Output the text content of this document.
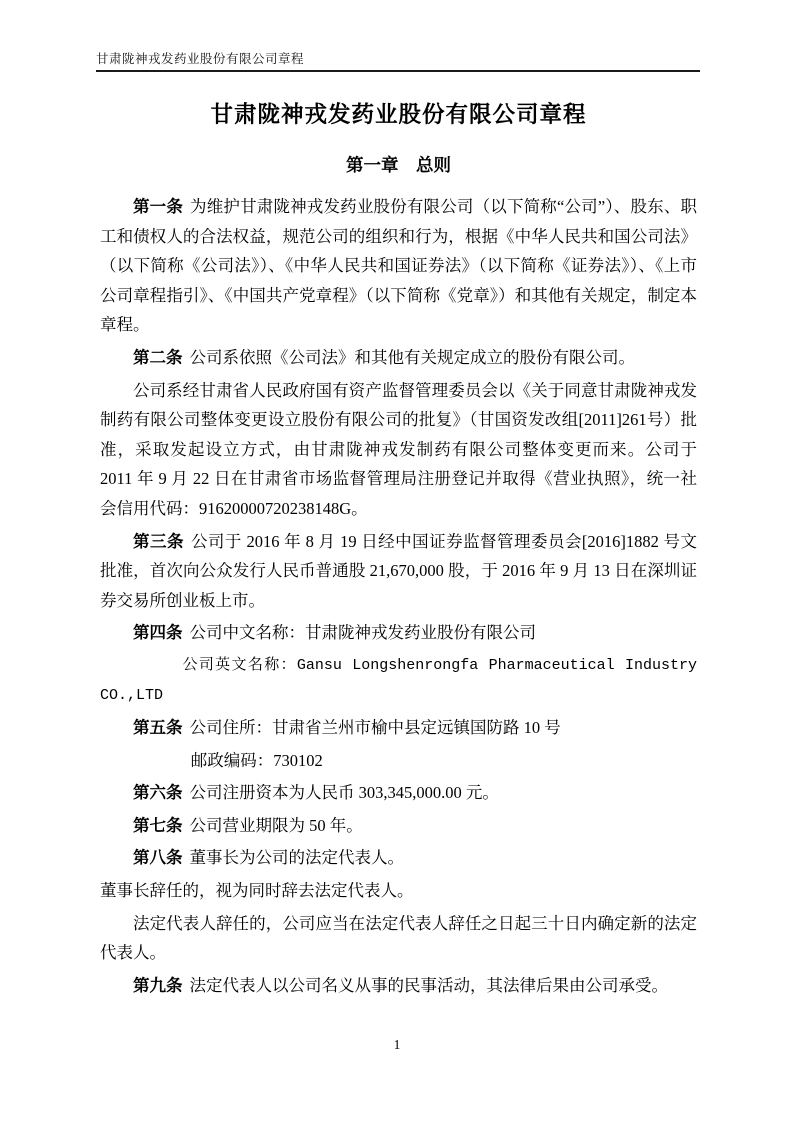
甘肃陇神戎发药业股份有限公司章程
甘肃陇神戎发药业股份有限公司章程
第一章　总则

第一条 为维护甘肃陇神戎发药业股份有限公司（以下简称“公司”）、股东、职工和债权人的合法权益，规范公司的组织和行为，根据《中华人民共和国公司法》（以下简称《公司法》）、《中华人民共和国证券法》（以下简称《证券法》）、《上市公司章程指引》、《中国共产党章程》（以下简称《党章》）和其他有关规定，制定本章程。

第二条 公司系依照《公司法》和其他有关规定成立的股份有限公司。

公司系经甘肃省人民政府国有资产监督管理委员会以《关于同意甘肃陇神戎发制药有限公司整体变更设立股份有限公司的批复》（甘国资发改组[2011]261号）批准，采取发起设立方式，由甘肃陇神戎发制药有限公司整体变更而来。公司于 2011 年 9 月 22 日在甘肃省市场监督管理局注册登记并取得《营业执照》，统一社会信用代码：91620000720238148G。

第三条 公司于 2016 年 8 月 19 日经中国证券监督管理委员会[2016]1882 号文批准，首次向公众发行人民币普通股 21,670,000 股，于 2016 年 9 月 13 日在深圳证券交易所创业板上市。

第四条 公司中文名称：甘肃陇神戎发药业股份有限公司

公司英文名称：Gansu Longshenrongfa Pharmaceutical Industry CO.,LTD

第五条 公司住所：甘肃省兰州市榆中县定远镇国防路 10 号

邮政编码：730102

第六条 公司注册资本为人民币 303,345,000.00 元。

第七条 公司营业期限为 50 年。

第八条 董事长为公司的法定代表人。

董事长辞任的，视为同时辞去法定代表人。

法定代表人辞任的，公司应当在法定代表人辞任之日起三十日内确定新的法定代表人。

第九条 法定代表人以公司名义从事的民事活动，其法律后果由公司承受。

1
